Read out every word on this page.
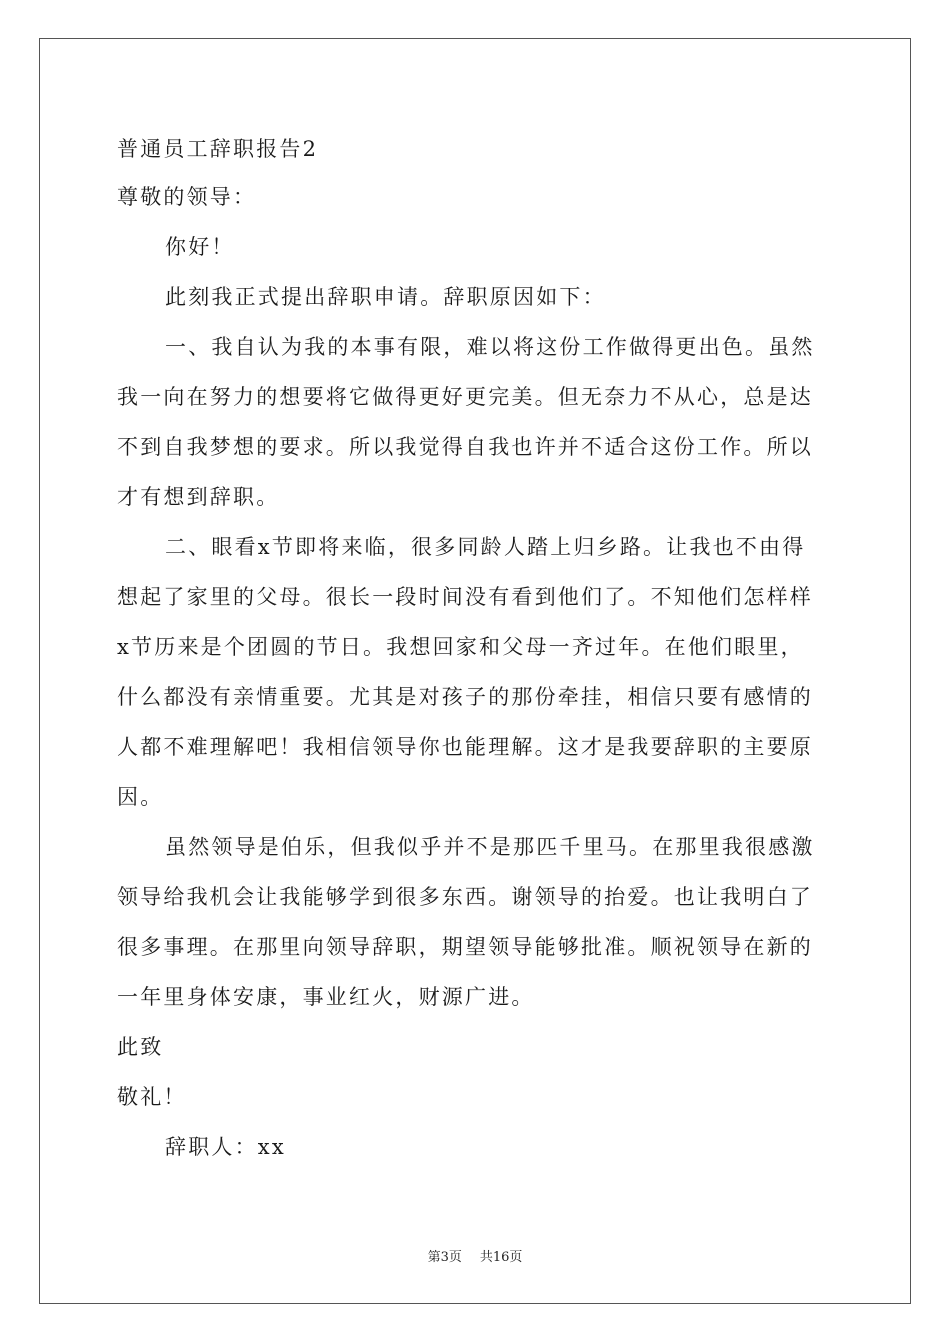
普通员工辞职报告2
尊敬的领导：
你好！
此刻我正式提出辞职申请。辞职原因如下：
一、我自认为我的本事有限，难以将这份工作做得更出色。虽然
我一向在努力的想要将它做得更好更完美。但无奈力不从心，总是达
不到自我梦想的要求。所以我觉得自我也许并不适合这份工作。所以
才有想到辞职。
二、眼看x节即将来临，很多同龄人踏上归乡路。让我也不由得
想起了家里的父母。很长一段时间没有看到他们了。不知他们怎样样
x节历来是个团圆的节日。我想回家和父母一齐过年。在他们眼里，
什么都没有亲情重要。尤其是对孩子的那份牵挂，相信只要有感情的
人都不难理解吧！我相信领导你也能理解。这才是我要辞职的主要原
因。
虽然领导是伯乐，但我似乎并不是那匹千里马。在那里我很感激
领导给我机会让我能够学到很多东西。谢领导的抬爱。也让我明白了
很多事理。在那里向领导辞职，期望领导能够批准。顺祝领导在新的
一年里身体安康，事业红火，财源广进。
此致
敬礼！
辞职人：xx
第3页 共16页
